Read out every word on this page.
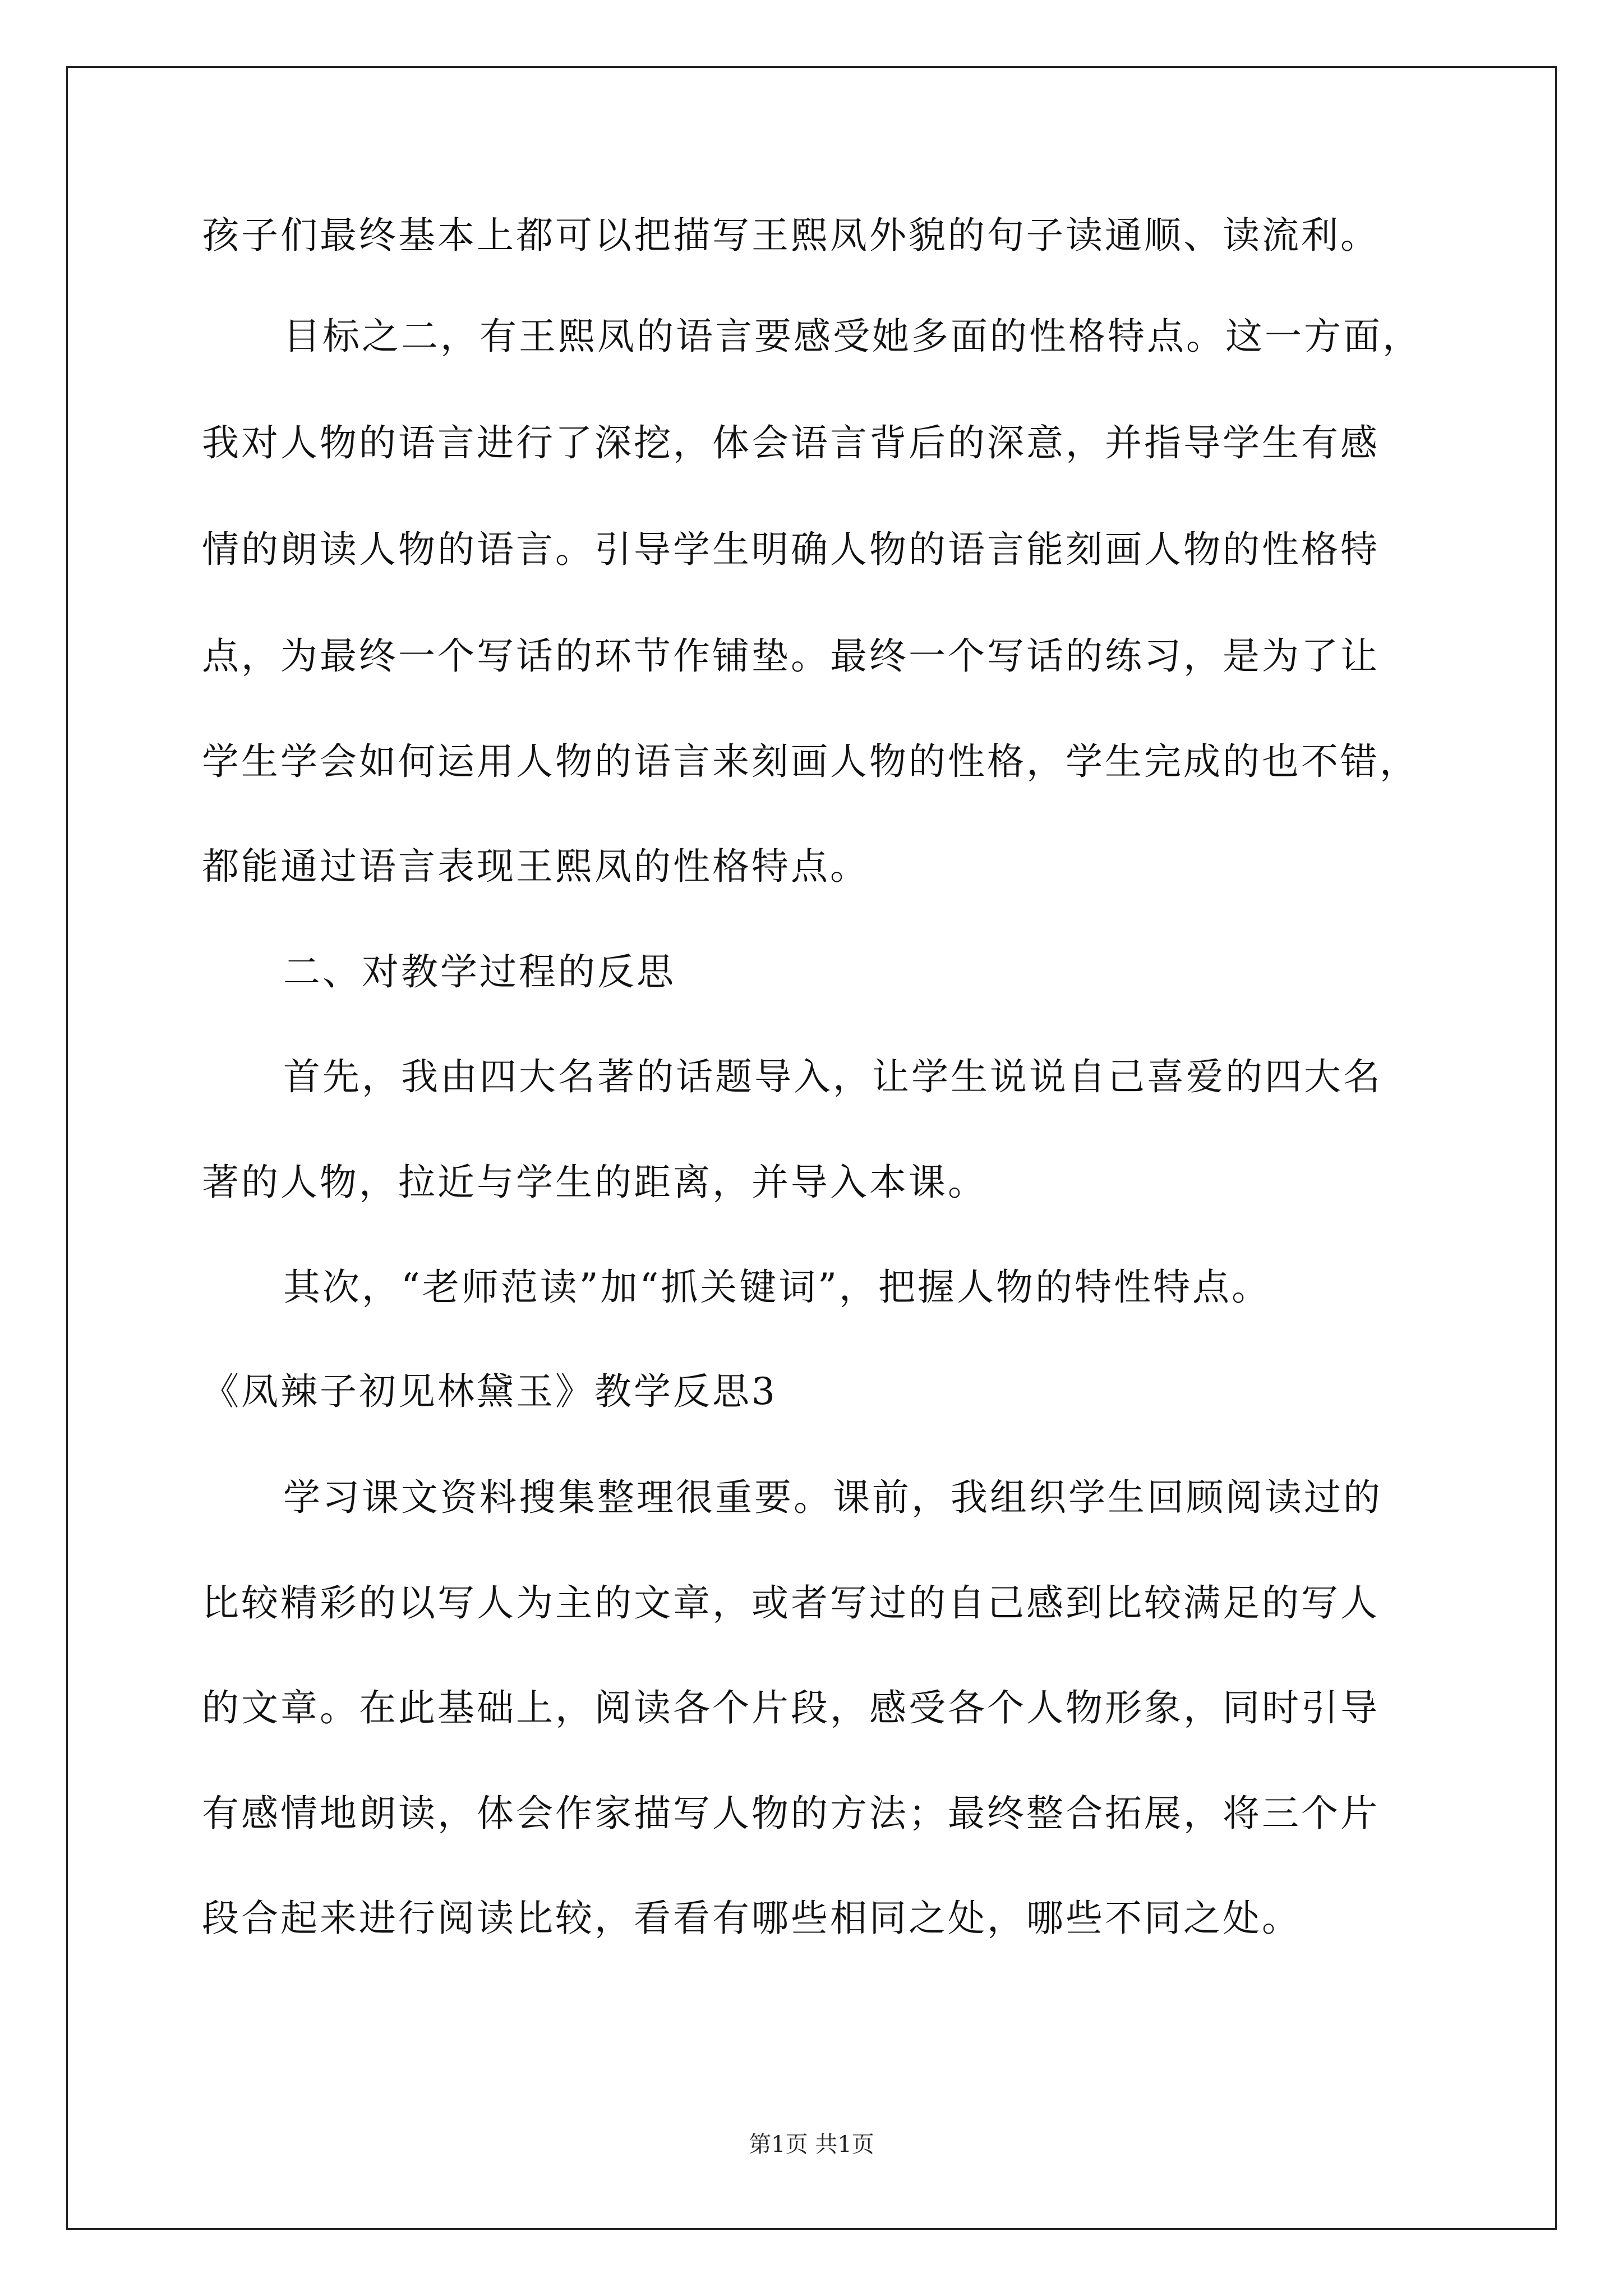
孩子们最终基本上都可以把描写王熙凤外貌的句子读通顺、读流利。
目标之二，有王熙凤的语言要感受她多面的性格特点。这一方面，
我对人物的语言进行了深挖，体会语言背后的深意，并指导学生有感
情的朗读人物的语言。引导学生明确人物的语言能刻画人物的性格特
点，为最终一个写话的环节作铺垫。最终一个写话的练习，是为了让
学生学会如何运用人物的语言来刻画人物的性格，学生完成的也不错，
都能通过语言表现王熙凤的性格特点。
二、对教学过程的反思
首先，我由四大名著的话题导入，让学生说说自己喜爱的四大名
著的人物，拉近与学生的距离，并导入本课。
其次，“老师范读”加“抓关键词”，把握人物的特性特点。
《凤辣子初见林黛玉》教学反思3
学习课文资料搜集整理很重要。课前，我组织学生回顾阅读过的
比较精彩的以写人为主的文章，或者写过的自己感到比较满足的写人
的文章。在此基础上，阅读各个片段，感受各个人物形象，同时引导
有感情地朗读，体会作家描写人物的方法；最终整合拓展，将三个片
段合起来进行阅读比较，看看有哪些相同之处，哪些不同之处。
第1页 共1页
